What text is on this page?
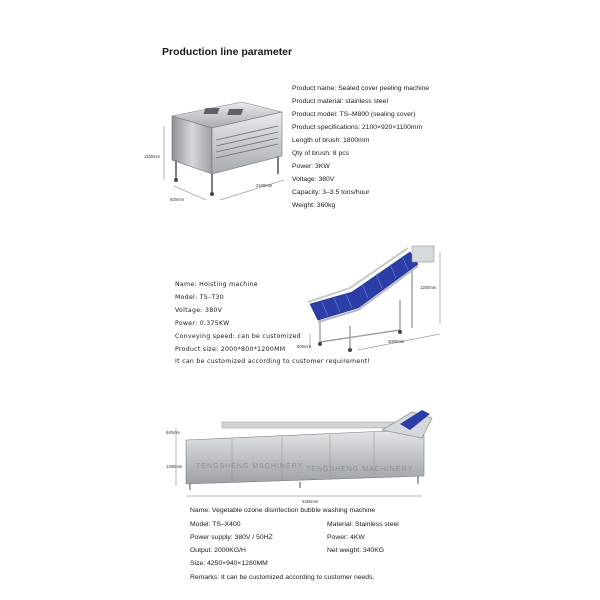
Production line parameter
1100mm
920mm
2100mm
Product name: Sealed cover peeling machine
Product material: stainless steel
Product model: TS–M800 (sealing cover)
Product specifications: 2100×920×1100mm
Length of brush: 1800mm
Qty of brush: 8 pcs
Power: 3KW
Voltage: 380V
Capacity: 3–3.5 tons/hour
Weight: 360kg
Name: Hoisting machine
Model: TS–T30
Voltage: 380V
Power: 0.375KW
Conveying speed: can be customized
Product size: 2000*800*1200MM
It can be customized according to customer requirement!
1200mm
800mm
2000mm
940mm
1280mm
4250mm
TENGSHENG MACHINERY TENGSHENG MACHINERY
Name: Vegetable ozone disinfection bubble washing machine
Model: TS–X400
Power supply: 380V / 50HZ
Output: 2000KG/H
Size: 4250×940×1280MM
Material: Stainless steel
Power: 4KW
Net weight: 340KG
Remarks: It can be customized according to customer needs.
